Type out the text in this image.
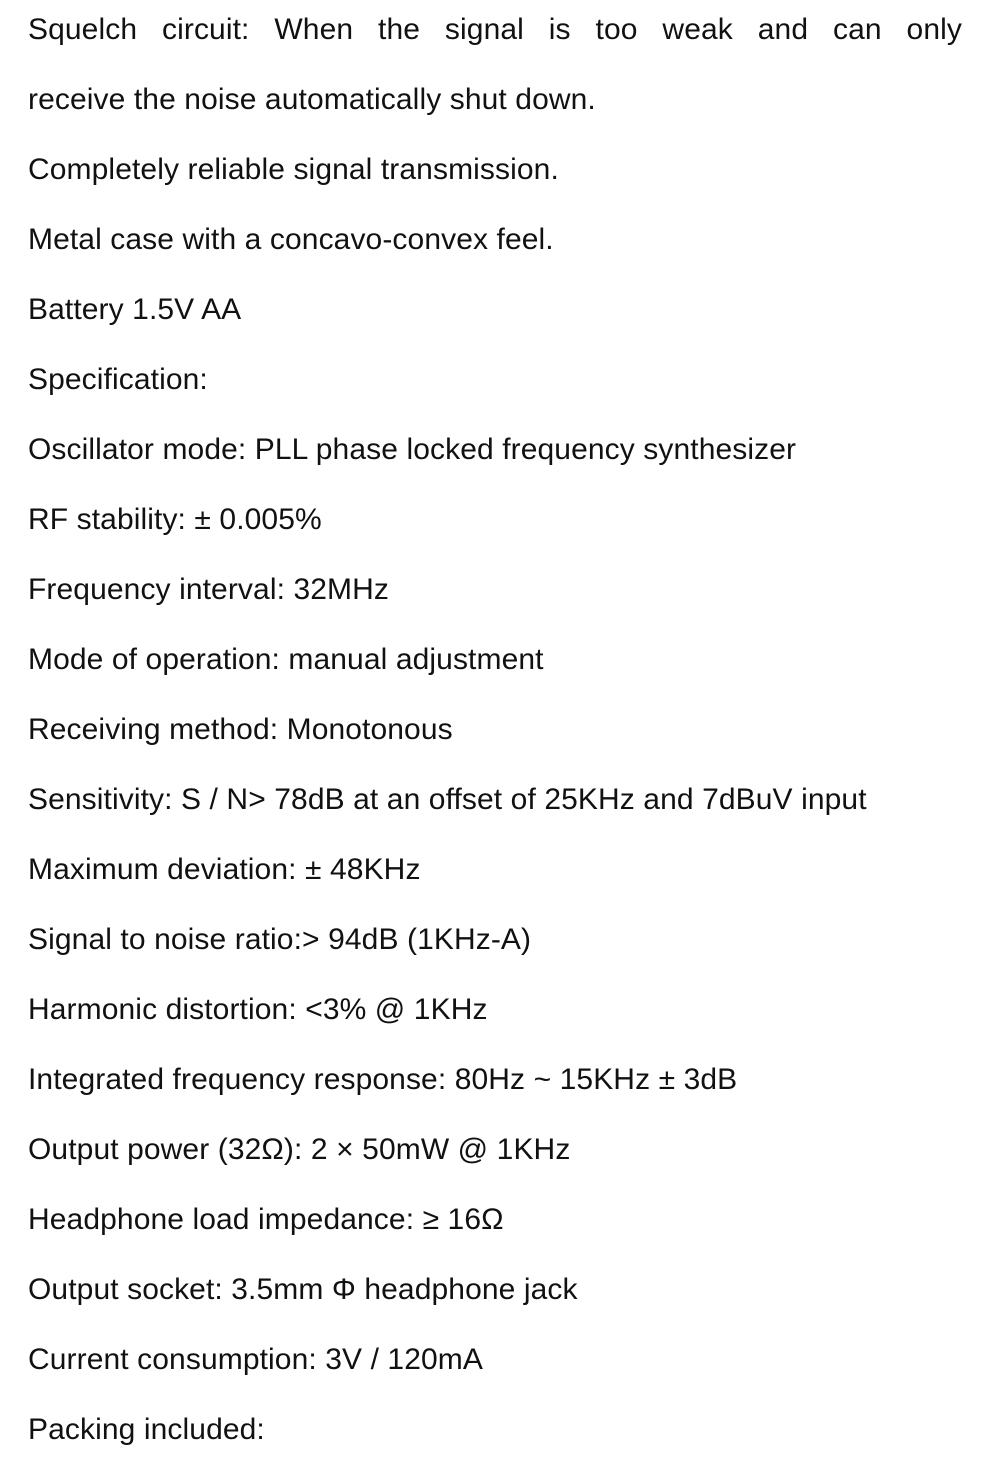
Squelch circuit: When the signal is too weak and can only
receive the noise automatically shut down.
Completely reliable signal transmission.
Metal case with a concavo-convex feel.
Battery 1.5V AA
Specification:
Oscillator mode: PLL phase locked frequency synthesizer
RF stability: ± 0.005%
Frequency interval: 32MHz
Mode of operation: manual adjustment
Receiving method: Monotonous
Sensitivity: S / N> 78dB at an offset of 25KHz and 7dBuV input
Maximum deviation: ± 48KHz
Signal to noise ratio:> 94dB (1KHz-A)
Harmonic distortion: <3% @ 1KHz
Integrated frequency response: 80Hz ~ 15KHz ± 3dB
Output power (32Ω): 2 × 50mW @ 1KHz
Headphone load impedance: ≥ 16Ω
Output socket: 3.5mm Φ headphone jack
Current consumption: 3V / 120mA
Packing included:
